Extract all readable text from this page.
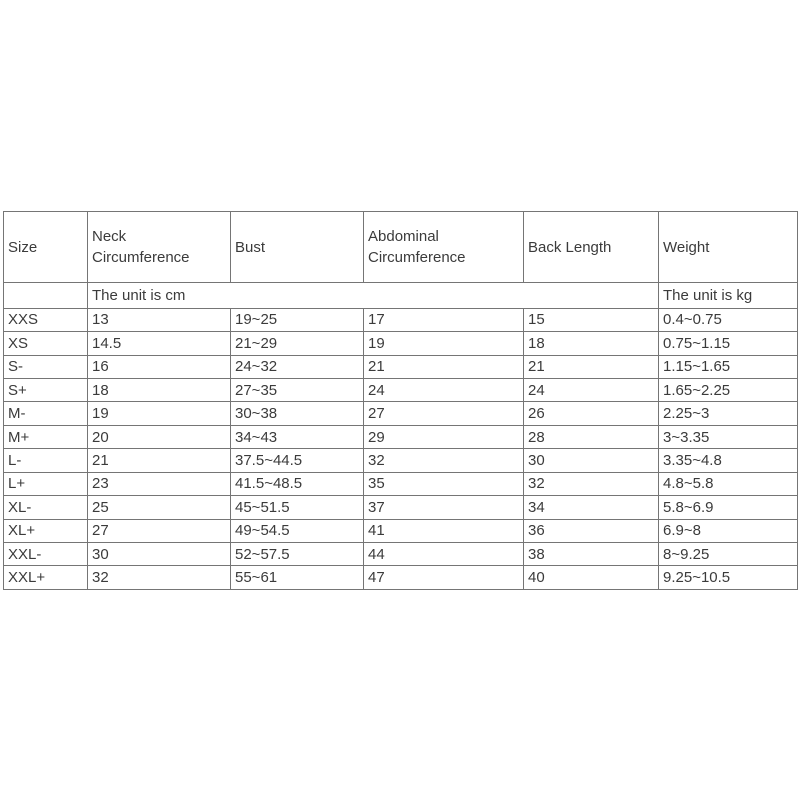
Size	Neck Circumference	Bust	Abdominal Circumference	Back Length	Weight
	The unit is cm				The unit is kg
XXS	13	19~25	17	15	0.4~0.75
XS	14.5	21~29	19	18	0.75~1.15
S-	16	24~32	21	21	1.15~1.65
S+	18	27~35	24	24	1.65~2.25
M-	19	30~38	27	26	2.25~3
M+	20	34~43	29	28	3~3.35
L-	21	37.5~44.5	32	30	3.35~4.8
L+	23	41.5~48.5	35	32	4.8~5.8
XL-	25	45~51.5	37	34	5.8~6.9
XL+	27	49~54.5	41	36	6.9~8
XXL-	30	52~57.5	44	38	8~9.25
XXL+	32	55~61	47	40	9.25~10.5
